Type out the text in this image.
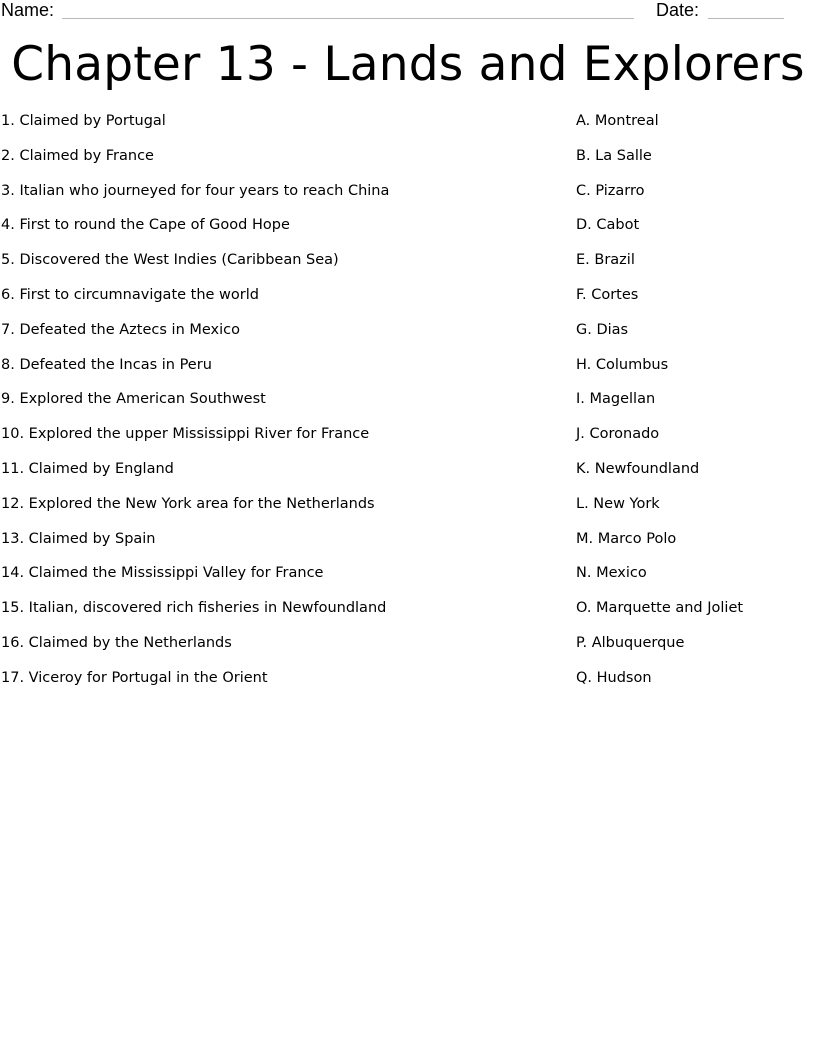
Name:	Date:
Chapter 13 - Lands and Explorers
1. Claimed by Portugal
2. Claimed by France
3. Italian who journeyed for four years to reach China
4. First to round the Cape of Good Hope
5. Discovered the West Indies (Caribbean Sea)
6. First to circumnavigate the world
7. Defeated the Aztecs in Mexico
8. Defeated the Incas in Peru
9. Explored the American Southwest
10. Explored the upper Mississippi River for France
11. Claimed by England
12. Explored the New York area for the Netherlands
13. Claimed by Spain
14. Claimed the Mississippi Valley for France
15. Italian, discovered rich fisheries in Newfoundland
16. Claimed by the Netherlands
17. Viceroy for Portugal in the Orient
A. Montreal
B. La Salle
C. Pizarro
D. Cabot
E. Brazil
F. Cortes
G. Dias
H. Columbus
I. Magellan
J. Coronado
K. Newfoundland
L. New York
M. Marco Polo
N. Mexico
O. Marquette and Joliet
P. Albuquerque
Q. Hudson
